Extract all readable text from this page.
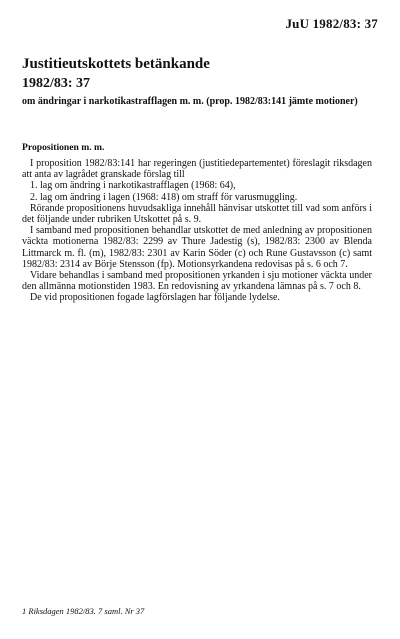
JuU 1982/83: 37
Justitieutskottets betänkande
1982/83: 37
om ändringar i narkotikastrafflagen m. m. (prop. 1982/83:141 jämte motioner)
Propositionen m. m.

I proposition 1982/83:141 har regeringen (justitiedepartementet) föreslagit riksdagen att anta av lagrådet granskade förslag till

1. lag om ändring i narkotikastrafflagen (1968: 64),

2. lag om ändring i lagen (1968: 418) om straff för varusmuggling.

Rörande propositionens huvudsakliga innehåll hänvisar utskottet till vad som anförs i det följande under rubriken Utskottet på s. 9.

I samband med propositionen behandlar utskottet de med anledning av propositionen väckta motionerna 1982/83: 2299 av Thure Jadestig (s), 1982/83: 2300 av Blenda Littmarck m. fl. (m), 1982/83: 2301 av Karin Söder (c) och Rune Gustavsson (c) samt 1982/83: 2314 av Börje Stensson (fp). Motionsyrkandena redovisas på s. 6 och 7.

Vidare behandlas i samband med propositionen yrkanden i sju motioner väckta under den allmänna motionstiden 1983. En redovisning av yrkandena lämnas på s. 7 och 8.

De vid propositionen fogade lagförslagen har följande lydelse.

1 Riksdagen 1982/83. 7 saml. Nr 37
